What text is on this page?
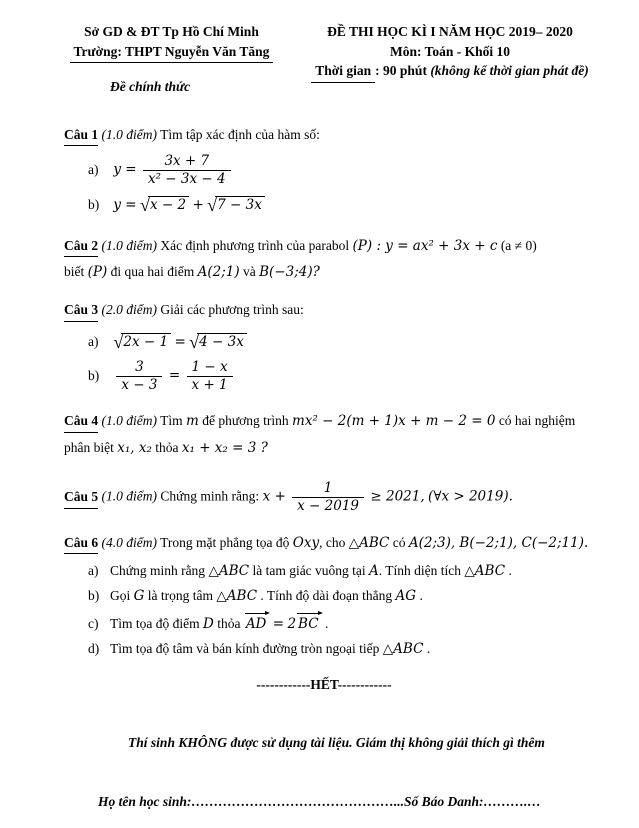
Sở GD & ĐT Tp Hồ Chí Minh
Trường: THPT Nguyễn Văn Tăng
Đề chính thức
ĐỀ THI HỌC KÌ I NĂM HỌC 2019– 2020
Môn: Toán - Khối 10
Thời gian : 90 phút (không kể thời gian phát đề)

Câu 1 (1.0 điểm) Tìm tập xác định của hàm số:

a) $y = \frac{3x + 7}{\text{x² − 3x − 4}}$
b) y = √x − 2 + √7 − 3x

Câu 2 (1.0 điểm) Xác định phương trình của parabol (P) : y = ax² + 3x + c (a ≠ 0)

biết (P) đi qua hai điểm A(2;1) và B(−3;4)?

Câu 3 (2.0 điểm) Giải các phương trình sau:

a) √2x − 1 = √4 − 3x
$b) \frac{3}{x - 3} = \frac{1 - x}{x + 1}$

Câu 4 (1.0 điểm) Tìm m để phương trình mx² − 2(m + 1)x + m − 2 = 0 có hai nghiệm

phân biệt x₁, x₂ thỏa x₁ + x₂ = 3 ?

Câu 5 (1.0 điểm) Chứng minh rằng: $x + \frac{1}{x - 2019} \ge 2021$, (∀x > 2019).

Câu 6 (4.0 điểm) Trong mặt phẳng tọa độ Oxy, cho △ABC có A(2;3), B(−2;1), C(−2;11).

a) Chứng minh rằng △ABC là tam giác vuông tại A. Tính diện tích △ABC .
b) Gọi G là trọng tâm △ABC . Tính độ dài đoạn thẳng AG .
c) Tìm tọa độ điểm D thỏa AD = 2 BC .
d) Tìm tọa độ tâm và bán kính đường tròn ngoại tiếp △ABC .
------------HẾT------------
Thí sinh KHÔNG được sử dụng tài liệu. Giám thị không giải thích gì thêm
Họ tên học sinh:………………………………………...Số Báo Danh:……….…
